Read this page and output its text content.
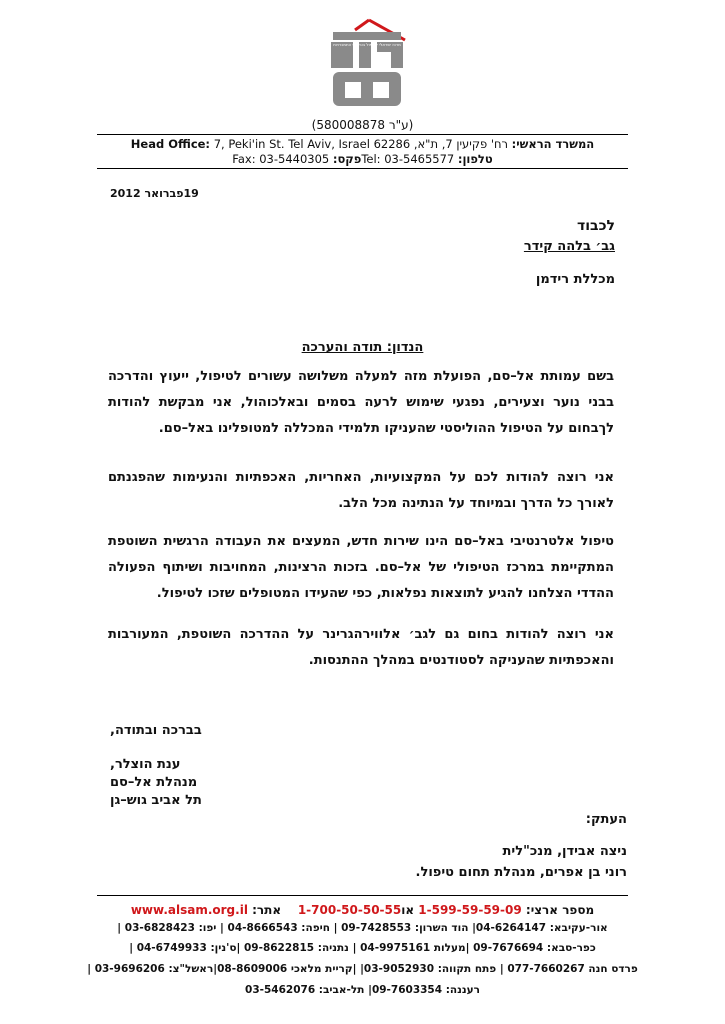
מרכז ישראלי לטיפול בטיפולי התמכרויות
(ע"ר 580008878)
Head Office: 7, Peki'in St. Tel Aviv, Israel 62286 רח' פקיעין 7, ת"א, המשרד הראשי:
Fax: 03-5440305 פקס:Tel: 03-5465577 טלפון:
19פברואר 2012
לכבוד
גב׳ בלהה קידר
מכללת רידמן
הנדון: תודה והערכה
בשם עמותת אל–סם, הפועלת מזה למעלה משלושה עשורים לטיפול, ייעוץ והדרכה בבני נוער וצעירים, נפגעי שימוש לרעה בסמים ובאלכוהול, אני מבקשת להודות לךבחום על הטיפול ההוליסטי שהעניקו תלמידי המכללה למטופלינו באל–סם.
אני רוצה להודות לכם על המקצועיות, האחריות, האכפתיות והנעימות שהפגנתם לאורך כל הדרך ובמיוחד על הנתינה מכל הלב.
טיפול אלטרנטיבי באל–סם הינו שירות חדש, המעצים את העבודה הרגשית השוטפת המתקיימת במרכז הטיפולי של אל–סם. בזכות הרצינות, המחויבות ושיתוף הפעולה ההדדי הצלחנו להגיע לתוצאות נפלאות, כפי שהעידו המטופלים שזכו לטיפול.
אני רוצה להודות בחום גם לגב׳ אלווירהגרינר על ההדרכה השוטפת, המעורבות והאכפתיות שהעניקה לסטודנטים במהלך ההתנסות.
בברכה ובתודה,
ענת הוצלר,
מנהלת אל–סם
תל אביב גוש–גן
העתק:
ניצה אבידן, מנכ"לית
רוני בן אפרים, מנהלת תחום טיפול.
מספר ארצי: 1-599-59-59-09 או1-700-50-50-55    אתר: www.alsam.org.il
אור-עקיבא: 04-6264147| הוד השרון: 09-7428553 | חיפה: 04-8666543 | יפו: 03-6828423 |
כפר-סבא: 09-7676694 |מעלות 04-9975161 | נתניה: 09-8622815 |ס'נין: 04-6749933 |
פרדס חנה 077-7660267 | פתח תקווה: 03-9052930| |קריית מלאכי 08-8609006|ראשל"צ: 03-9696206 |
רעננה: 09-7603354| תל-אביב: 03-5462076
